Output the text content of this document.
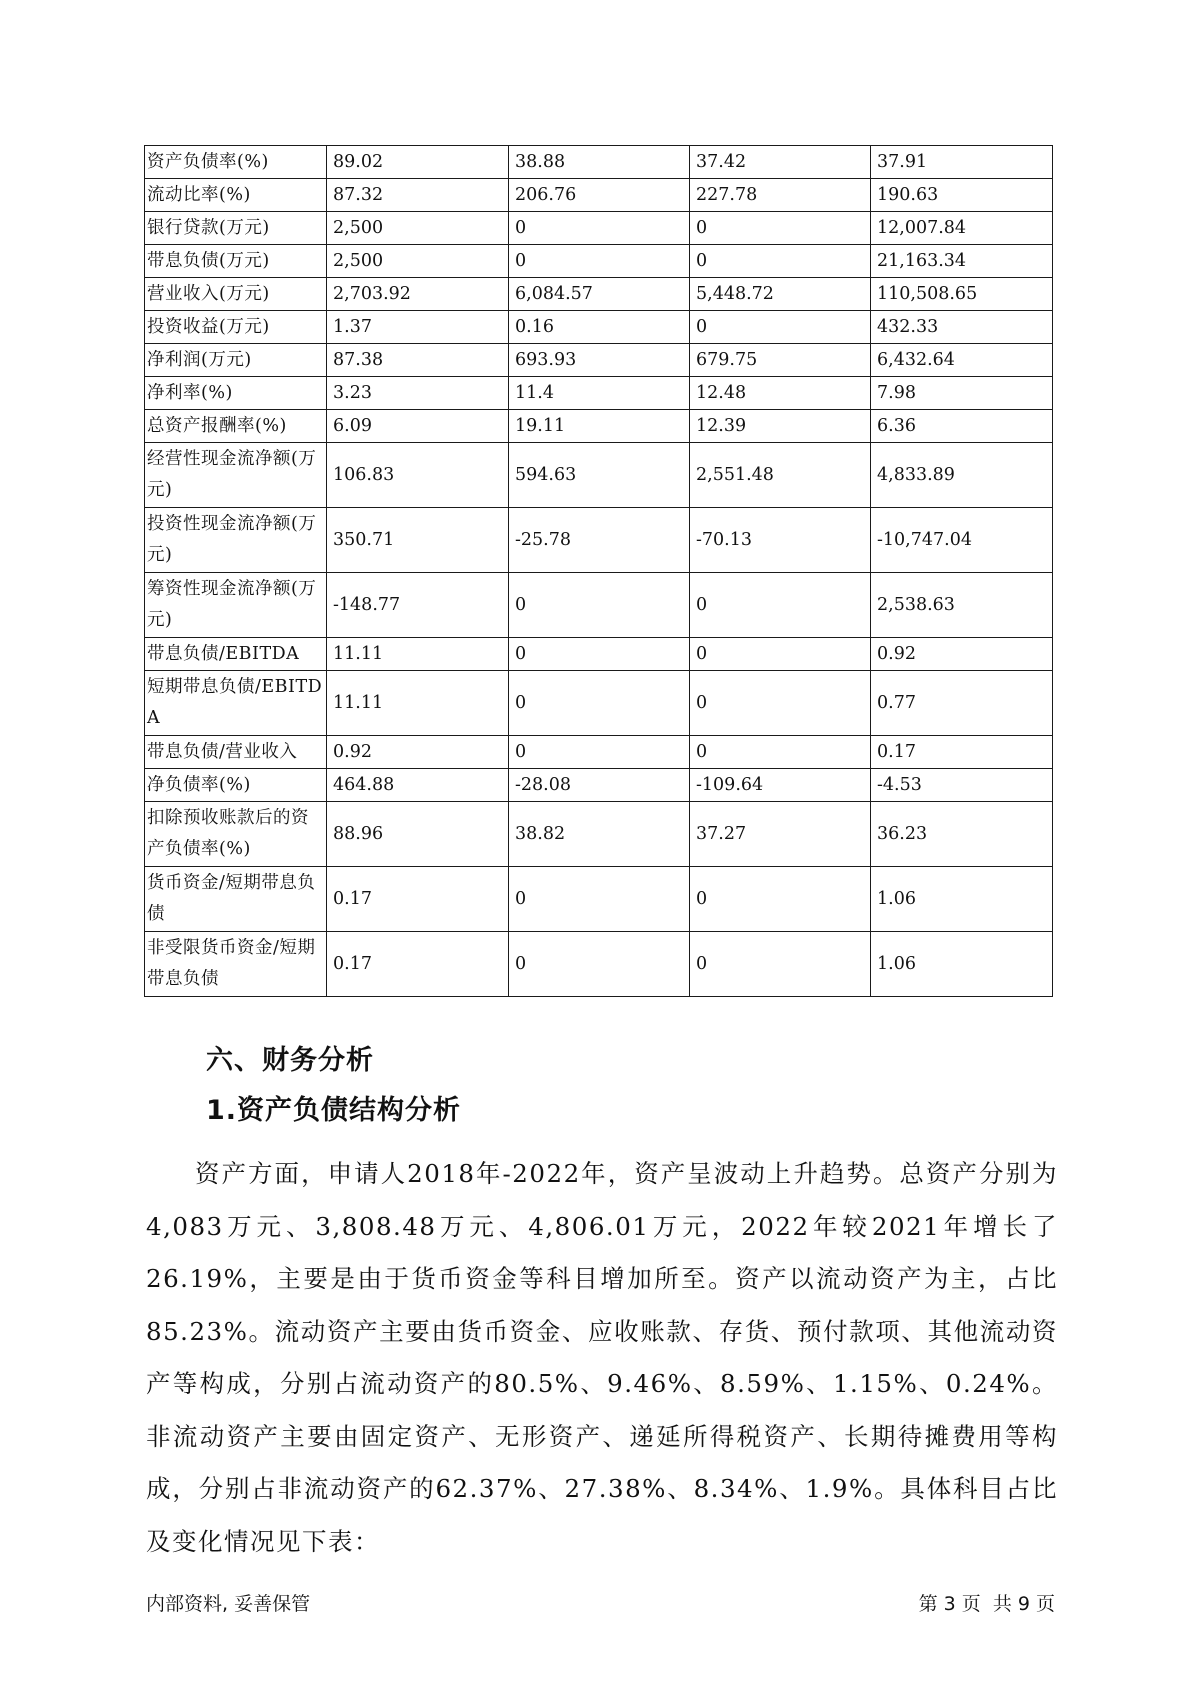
资产负债率(%)	89.02	38.88	37.42	37.91
流动比率(%)	87.32	206.76	227.78	190.63
银行贷款(万元)	2,500	0	0	12,007.84
带息负债(万元)	2,500	0	0	21,163.34
营业收入(万元)	2,703.92	6,084.57	5,448.72	110,508.65
投资收益(万元)	1.37	0.16	0	432.33
净利润(万元)	87.38	693.93	679.75	6,432.64
净利率(%)	3.23	11.4	12.48	7.98
总资产报酬率(%)	6.09	19.11	12.39	6.36
经营性现金流净额(万元)	106.83	594.63	2,551.48	4,833.89
投资性现金流净额(万元)	350.71	-25.78	-70.13	-10,747.04
筹资性现金流净额(万元)	-148.77	0	0	2,538.63
带息负债/EBITDA	11.11	0	0	0.92
短期带息负债/EBITDA	11.11	0	0	0.77
带息负债/营业收入	0.92	0	0	0.17
净负债率(%)	464.88	-28.08	-109.64	-4.53
扣除预收账款后的资产负债率(%)	88.96	38.82	37.27	36.23
货币资金/短期带息负债	0.17	0	0	1.06
非受限货币资金/短期带息负债	0.17	0	0	1.06
六、财务分析
1.资产负债结构分析

资产方面，申请人2018年-2022年，资产呈波动上升趋势。总资产分别为4,083万元、3,808.48万元、4,806.01万元，2022年较2021年增长了26.19%，主要是由于货币资金等科目增加所至。资产以流动资产为主，占比85.23%。流动资产主要由货币资金、应收账款、存货、预付款项、其他流动资产等构成，分别占流动资产的80.5%、9.46%、8.59%、1.15%、0.24%。非流动资产主要由固定资产、无形资产、递延所得税资产、长期待摊费用等构成，分别占非流动资产的62.37%、27.38%、8.34%、1.9%。具体科目占比及变化情况见下表：

内部资料, 妥善保管	第 3 页  共 9 页
